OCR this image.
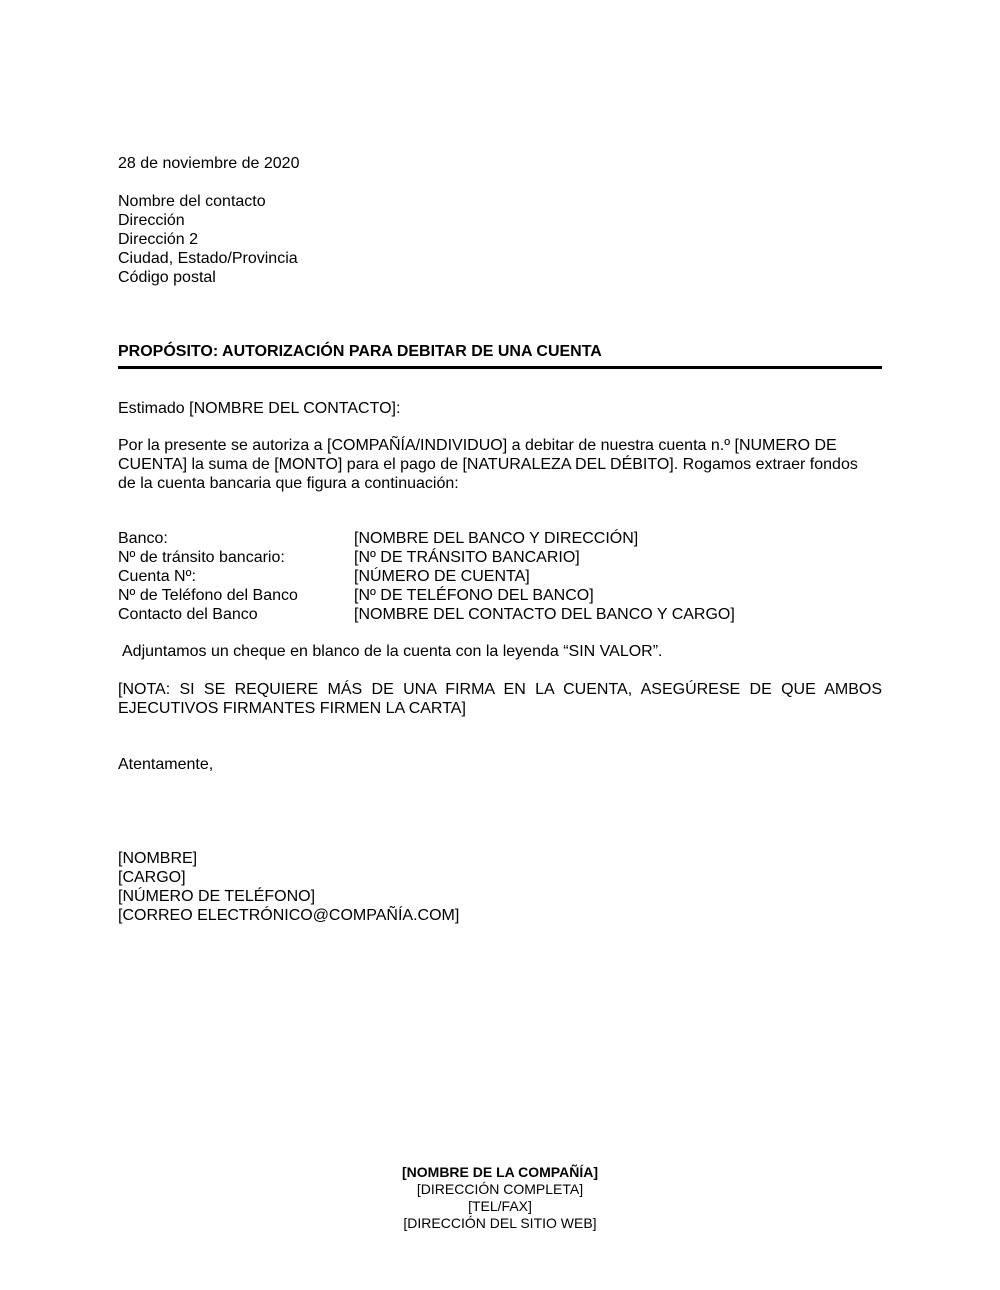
28 de noviembre de 2020
Nombre del contacto
Dirección
Dirección 2
Ciudad, Estado/Provincia
Código postal
PROPÓSITO: AUTORIZACIÓN PARA DEBITAR DE UNA CUENTA
Estimado [NOMBRE DEL CONTACTO]:
Por la presente se autoriza a [COMPAÑÍA/INDIVIDUO] a debitar de nuestra cuenta n.º [NUMERO DE
CUENTA] la suma de [MONTO] para el pago de [NATURALEZA DEL DÉBITO]. Rogamos extraer fondos
de la cuenta bancaria que figura a continuación:
Banco:	[NOMBRE DEL BANCO Y DIRECCIÓN]
Nº de tránsito bancario:	[Nº DE TRÁNSITO BANCARIO]
Cuenta Nº:	[NÚMERO DE CUENTA]
Nº de Teléfono del Banco	[Nº DE TELÉFONO DEL BANCO]
Contacto del Banco	[NOMBRE DEL CONTACTO DEL BANCO Y CARGO]
Adjuntamos un cheque en blanco de la cuenta con la leyenda “SIN VALOR”.
[NOTA: SI SE REQUIERE MÁS DE UNA FIRMA EN LA CUENTA, ASEGÚRESE DE QUE AMBOS
EJECUTIVOS FIRMANTES FIRMEN LA CARTA]
Atentamente,
[NOMBRE]
[CARGO]
[NÚMERO DE TELÉFONO]
[CORREO ELECTRÓNICO@COMPAÑÍA.COM]
[NOMBRE DE LA COMPAÑÍA]
[DIRECCIÓN COMPLETA]
[TEL/FAX]
[DIRECCIÓN DEL SITIO WEB]
